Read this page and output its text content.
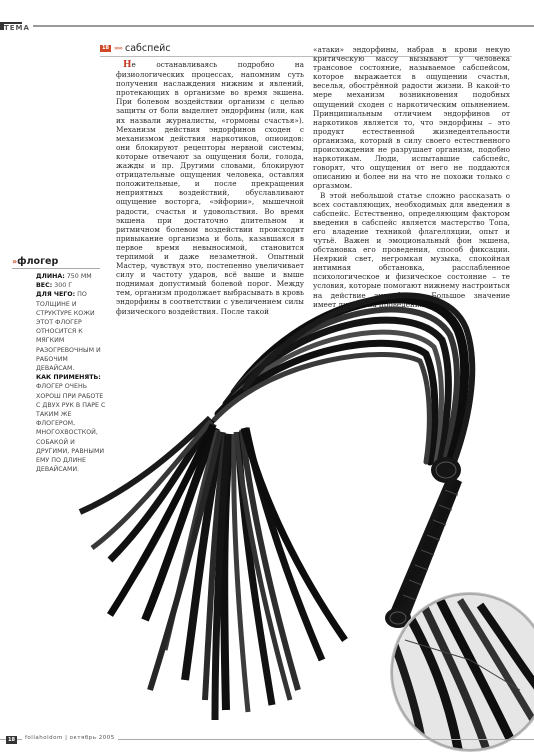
ТЕМА
18 »»» сабспейс

Не останавливаясь подробно на физиологических процессах, напомним суть получения наслаждения нижним и явлений, протекающих в организме во время экшена. При болевом воздействии организм с целью защиты от боли выделяет эндорфины (или, как их назвали журналисты, «гормоны счастья»). Механизм действия эндорфинов сходен с механизмом действия наркотиков, опиоидов: они блокируют рецепторы нервной системы, которые отвечают за ощущения боли, голода, жажды и пр. Другими словами, блокируют отрицательные ощущения человека, оставляя положительные, и после прекращения неприятных воздействий, обуславливают ощущение восторга, «эйфории», мышечной радости, счастья и удовольствия. Во время экшена при достаточно длительном и ритмичном болевом воздействии происходит привыкание организма и боль, казавшаяся в первое время невыносимой, становится терпимой и даже незаметной. Опытный Мастер, чувствуя это, постепенно увеличивает силу и частоту ударов, всё выше и выше поднимая допустимый болевой порог. Между тем, организм продолжает выбрасывать в кровь эндорфины в соответствии с увеличением силы физического воздействия. После такой

«атаки» эндорфины, набрав в крови некую критическую массу вызывают у человека трансовое состояние, называемое сабспейсом, которое выражается в ощущении счастья, веселья, обострённой радости жизни. В какой-то мере механизм возникновения подобных ощущений сходен с наркотическим опьянением. Принципиальным отличием эндорфинов от наркотиков является то, что эндорфины – это продукт естественной жизнедеятельности организма, который в силу своего естественного происхождения не разрушает организм, подобно наркотикам. Люди, испытавшие сабспейс, говорят, что ощущения от него не поддаются описанию и более ни на что не похожи только с оргазмом.

В этой небольшой статье сложно рассказать о всех составляющих, необходимых для введения в сабспейс. Естественно, определяющим фактором введения в сабспейс является мастерство Топа, его владение техникой флагелляции, опыт и чутьё. Важен и эмоциональный фон экшена, обстановка его проведения, способ фиксации. Неяркий свет, негромкая музыка, спокойная интимная обстановка, расслабленное психологическое и физическое состояние – те условия, которые помогают нижнему настроиться на действие эндорфинов. Большое значение имеет динамика проведения

» флогер
ДЛИНА: 750 ММ
ВЕС: 300 Г
ДЛЯ ЧЕГО: ПО ТОЛЩИНЕ И СТРУКТУРЕ КОЖИ ЭТОТ ФЛОГЕР ОТНОСИТСЯ К МЯГКИМ РАЗОГРЕВОЧНЫМ И РАБОЧИМ ДЕВАЙСАМ.
КАК ПРИМЕНЯТЬ: ФЛОГЕР ОЧЕНЬ ХОРОШ ПРИ РАБОТЕ С ДВУХ РУК В ПАРЕ С ТАКИМ ЖЕ ФЛОГЕРОМ, МНОГОХВОСТКОЙ, СОБАКОЙ И ДРУГИМИ, РАВНЫМИ ЕМУ ПО ДЛИНЕ ДЕВАЙСАМИ.
18	follaholdom | октябрь 2005
